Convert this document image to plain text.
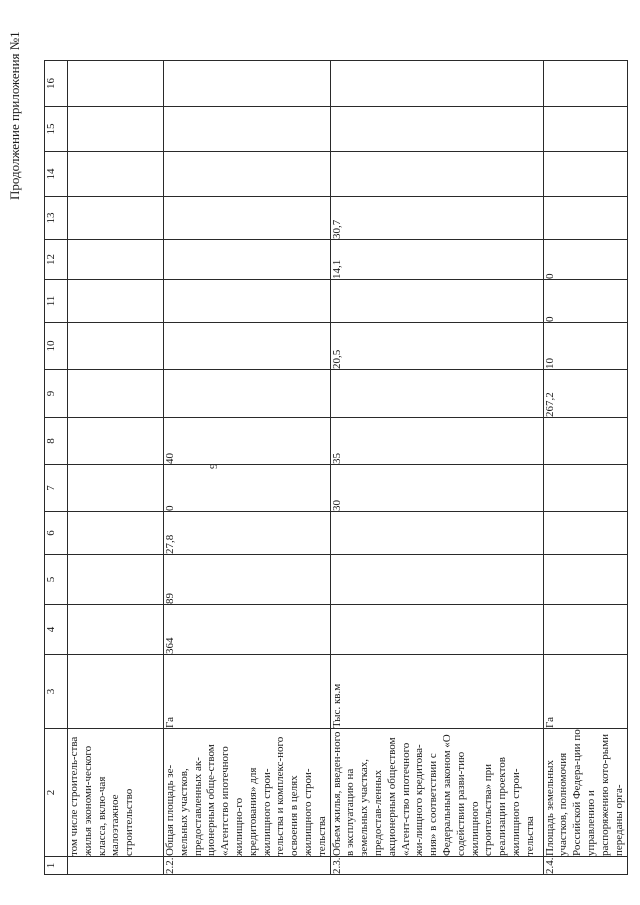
9
Продолжение приложения №1
1	2	3	4	5	6	7	8	9	10	11	12	13	14	15	16
	том числе строитель-ства жилья экономи-ческого класса, вклю-чая малоэтажное строительство														
2.2.	Общая площадь зе-мельных участков, предоставленных ак-ционерным обще-ством «Агентство ипотечного жилищно-го кредитования» для жилищного строи-тельства и комплекс-ного освоения в целях жилищного строи-тельства	Га	364	89	27,8	0	40								
2.3.	Объем жилья, введен-ного в эксплуатацию на земельных участках, предостав-ленных акционерным обществом «Агент-ство ипотечного жи-лищного кредитова-ния» в соответствии с Федеральным законом «О содействии разви-тию жилищного строительства» при реализации проектов жилищного строи-тельства	Тыс. кв.м				30	35		20,5		14,1	30,7			
2.4.	Площадь земельных участков, полномочия Российской Федера-ции по управлению и распоряжению кото-рыми переданы орга-	Га						267,2	10	0	0				
